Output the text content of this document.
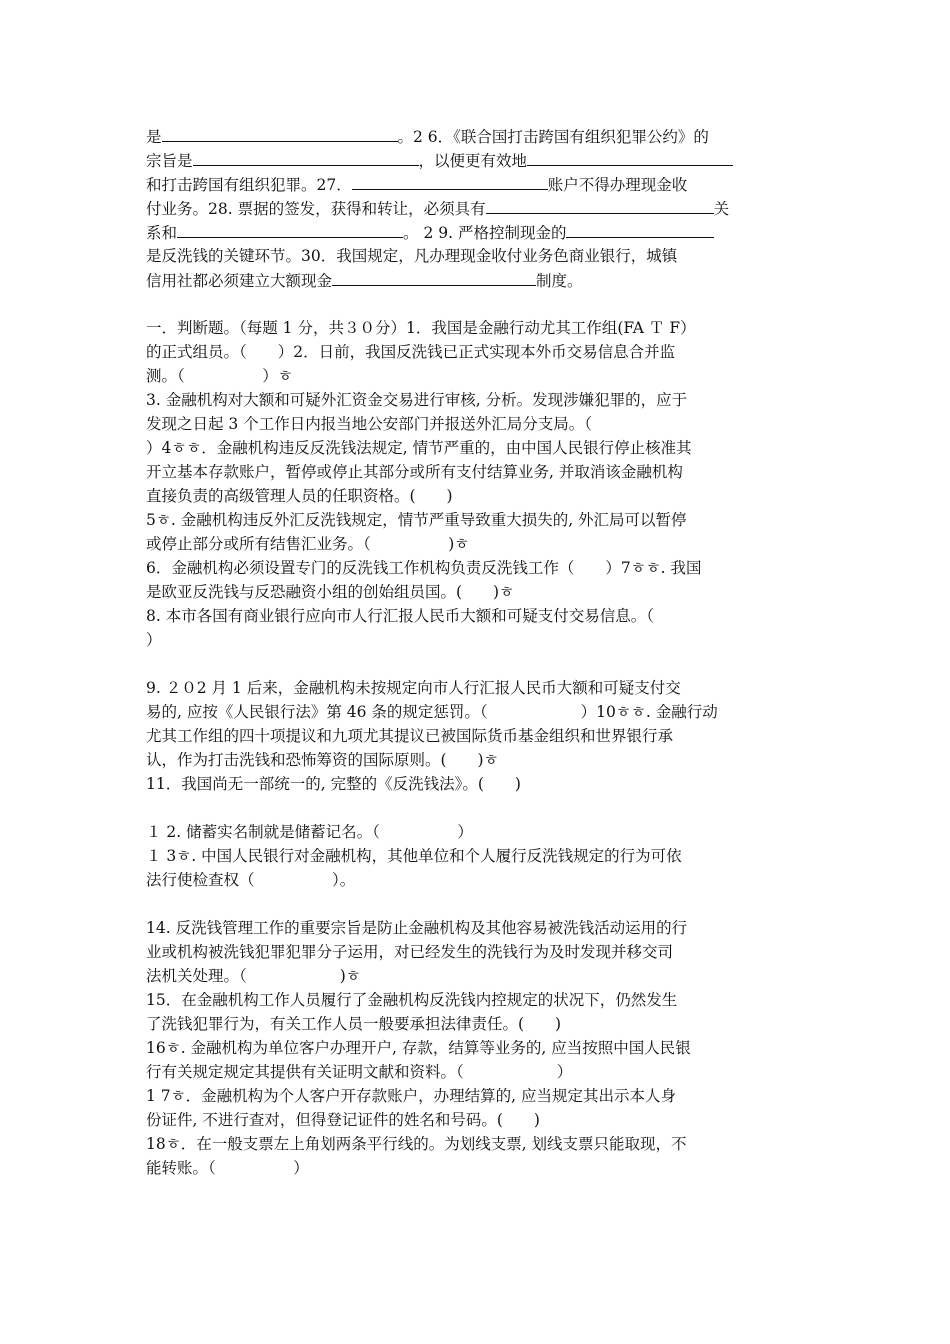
是	。2 6．《联合国打击跨国有组织犯罪公约》的
宗旨是	，以便更有效地
和打击跨国有组织犯罪。27．	账户不得办理现金收
付业务。28. 票据的签发，获得和转让，必须具有	关
系和	。 2 9. 严格控制现金的
是反洗钱的关键环节。30．我国规定，凡办理现金收付业务色商业银行，城镇
信用社都必须建立大额现金	制度。
一．判断题。（每题 1 分，共３０分）1．我国是金融行动尤其工作组(FA Ｔ F）
的正式组员。（　　）2．日前，我国反洗钱已正式实现本外币交易信息合并监
测。（　　　　　）ㅎ
3. 金融机构对大额和可疑外汇资金交易进行审核, 分析。发现涉嫌犯罪的，应于
发现之日起 3 个工作日内报当地公安部门并报送外汇局分支局。（
）4ㅎㅎ．金融机构违反反洗钱法规定, 情节严重的，由中国人民银行停止核准其
开立基本存款账户，暂停或停止其部分或所有支付结算业务, 并取消该金融机构
直接负责的高级管理人员的任职资格。(　　)
5ㅎ. 金融机构违反外汇反洗钱规定，情节严重导致重大损失的, 外汇局可以暂停
或停止部分或所有结售汇业务。（　　　　　)ㅎ
6．金融机构必须设置专门的反洗钱工作机构负责反洗钱工作（　　）7ㅎㅎ. 我国
是欧亚反洗钱与反恐融资小组的创始组员国。(　　)ㅎ
8. 本市各国有商业银行应向市人行汇报人民币大额和可疑支付交易信息。（
）
9. ２０2 月 1 后来，金融机构未按规定向市人行汇报人民币大额和可疑支付交
易的, 应按《人民银行法》第 46 条的规定惩罚。（　　　　　　）10ㅎㅎ. 金融行动
尤其工作组的四十项提议和九项尤其提议已被国际货币基金组织和世界银行承
认，作为打击洗钱和恐怖筹资的国际原则。(　　)ㅎ
11．我国尚无一部统一的, 完整的《反洗钱法》。(　　)
１ 2. 储蓄实名制就是储蓄记名。（　　　　　）
１ 3ㅎ. 中国人民银行对金融机构，其他单位和个人履行反洗钱规定的行为可依
法行使检查权（　　　　　）。
14. 反洗钱管理工作的重要宗旨是防止金融机构及其他容易被洗钱活动运用的行
业或机构被洗钱犯罪犯罪分子运用，对已经发生的洗钱行为及时发现并移交司
法机关处理。（　　　　　　)ㅎ
15．在金融机构工作人员履行了金融机构反洗钱内控规定的状况下，仍然发生
了洗钱犯罪行为，有关工作人员一般要承担法律责任。(　　)
16ㅎ. 金融机构为单位客户办理开户, 存款，结算等业务的, 应当按照中国人民银
行有关规定规定其提供有关证明文献和资料。（　　　　　　）
1 7ㅎ．金融机构为个人客户开存款账户，办理结算的, 应当规定其出示本人身
份证件, 不进行查对，但得登记证件的姓名和号码。(　　)
18ㅎ．在一般支票左上角划两条平行线的。为划线支票, 划线支票只能取现，不
能转账。（　　　　　）
